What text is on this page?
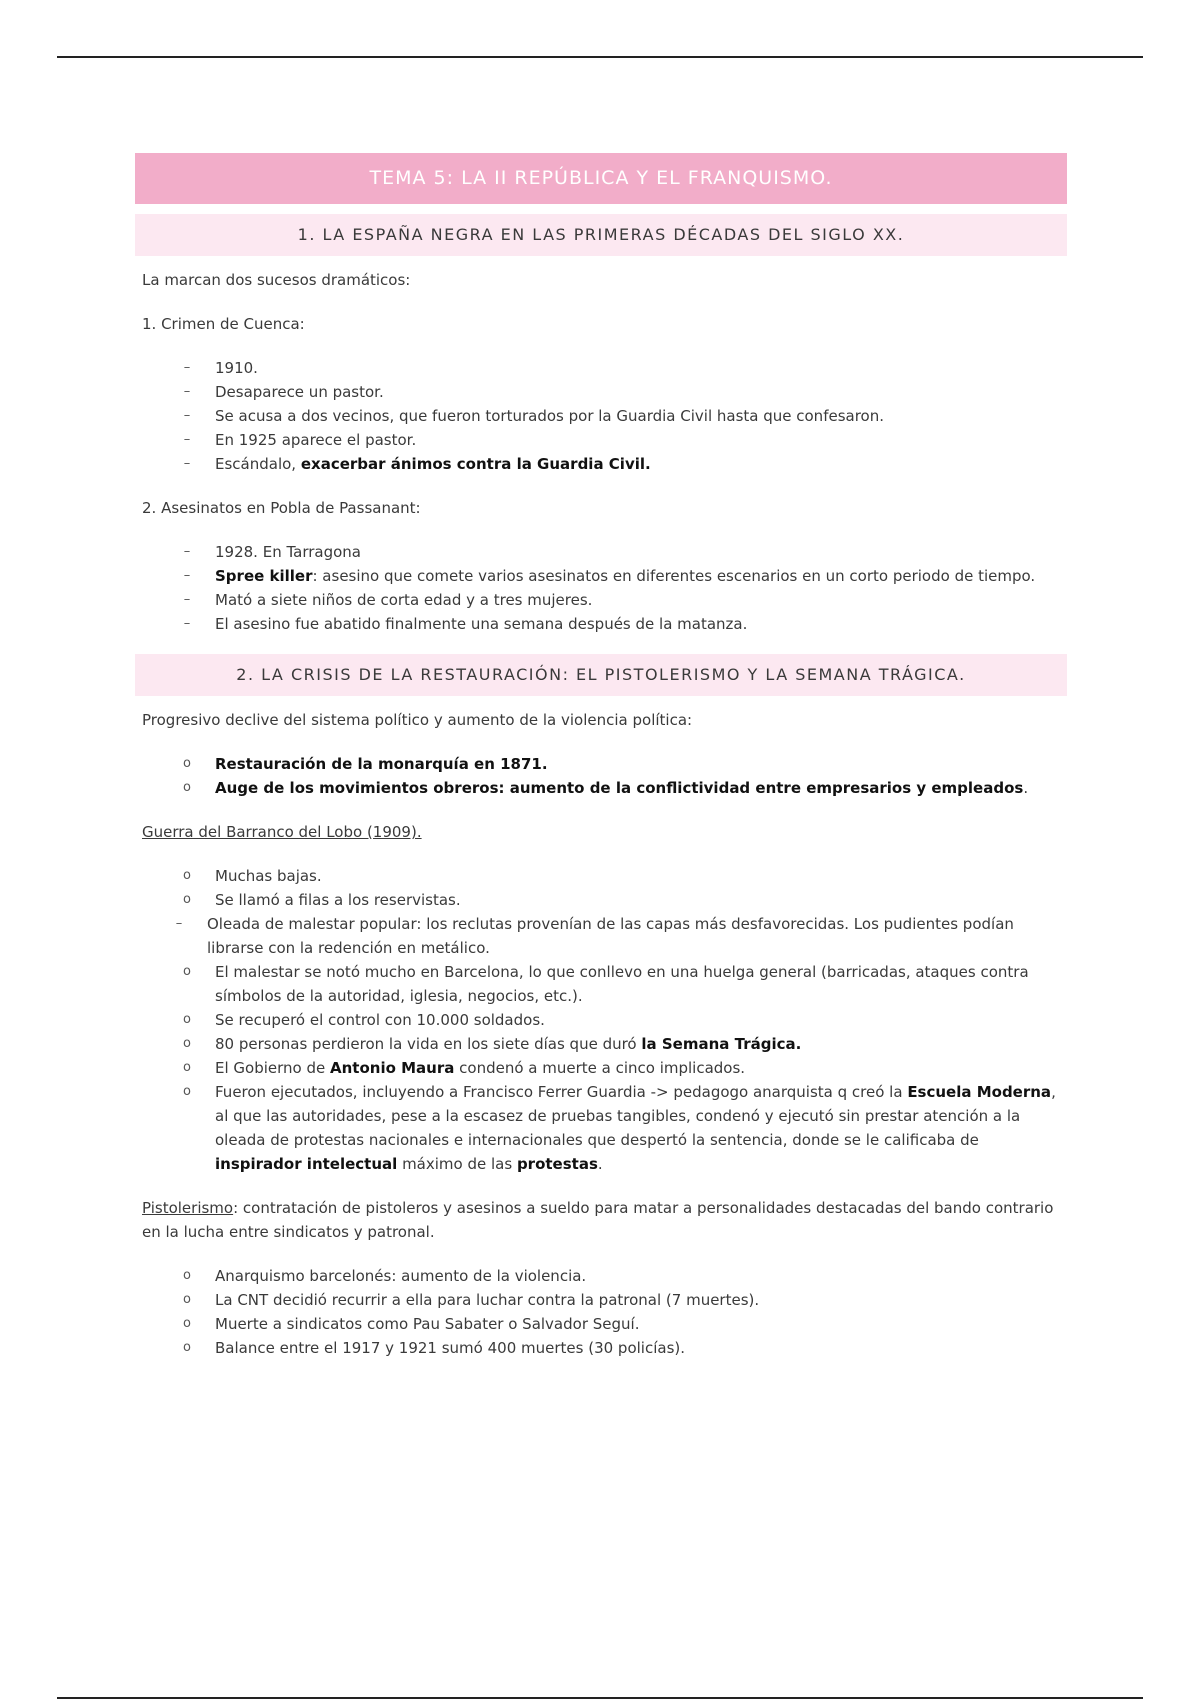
TEMA 5: LA II REPÚBLICA Y EL FRANQUISMO.
1. LA ESPAÑA NEGRA EN LAS PRIMERAS DÉCADAS DEL SIGLO XX.

La marcan dos sucesos dramáticos:

1. Crimen de Cuenca:

–	1910.
–	Desaparece un pastor.
–	Se acusa a dos vecinos, que fueron torturados por la Guardia Civil hasta que confesaron.
–	En 1925 aparece el pastor.
–	Escándalo, exacerbar ánimos contra la Guardia Civil.

2. Asesinatos en Pobla de Passanant:

–	1928. En Tarragona
–	Spree killer: asesino que comete varios asesinatos en diferentes escenarios en un corto periodo de tiempo.
–	Mató a siete niños de corta edad y a tres mujeres.
–	El asesino fue abatido finalmente una semana después de la matanza.
2. LA CRISIS DE LA RESTAURACIÓN: EL PISTOLERISMO Y LA SEMANA TRÁGICA.

Progresivo declive del sistema político y aumento de la violencia política:

o	Restauración de la monarquía en 1871.
o	Auge de los movimientos obreros: aumento de la conflictividad entre empresarios y empleados.

Guerra del Barranco del Lobo (1909).

o	Muchas bajas.
o	Se llamó a filas a los reservistas.
–	Oleada de malestar popular: los reclutas provenían de las capas más desfavorecidas. Los pudientes podían librarse con la redención en metálico.
o	El malestar se notó mucho en Barcelona, lo que conllevo en una huelga general (barricadas, ataques contra símbolos de la autoridad, iglesia, negocios, etc.).
o	Se recuperó el control con 10.000 soldados.
o	80 personas perdieron la vida en los siete días que duró la Semana Trágica.
o	El Gobierno de Antonio Maura condenó a muerte a cinco implicados.
o	Fueron ejecutados, incluyendo a Francisco Ferrer Guardia -> pedagogo anarquista q creó la Escuela Moderna, al que las autoridades, pese a la escasez de pruebas tangibles, condenó y ejecutó sin prestar atención a la oleada de protestas nacionales e internacionales que despertó la sentencia, donde se le calificaba de inspirador intelectual máximo de las protestas.

Pistolerismo: contratación de pistoleros y asesinos a sueldo para matar a personalidades destacadas del bando contrario en la lucha entre sindicatos y patronal.

o	Anarquismo barcelonés: aumento de la violencia.
o	La CNT decidió recurrir a ella para luchar contra la patronal (7 muertes).
o	Muerte a sindicatos como Pau Sabater o Salvador Seguí.
o	Balance entre el 1917 y 1921 sumó 400 muertes (30 policías).
